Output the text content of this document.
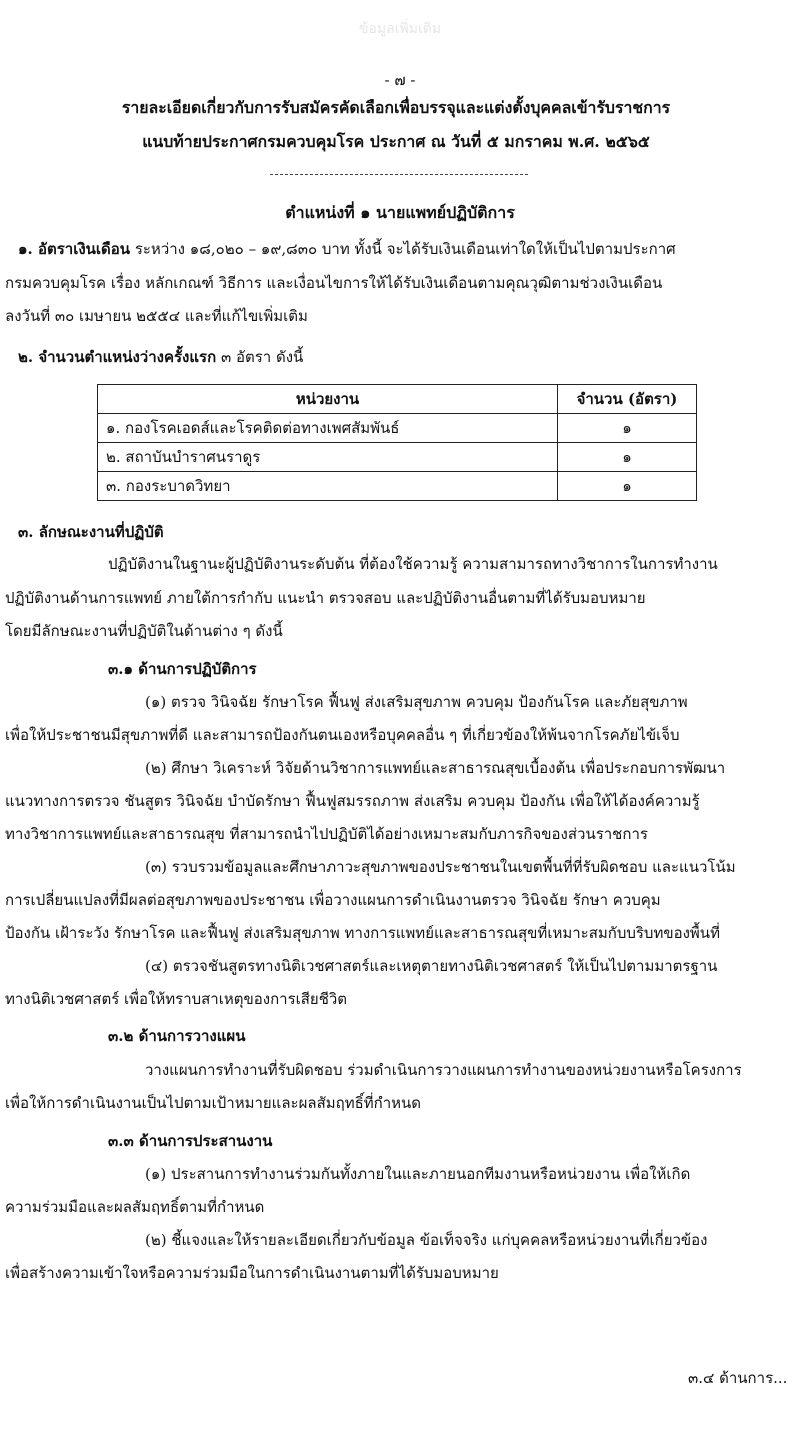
ข้อมูลเพิ่มเติม
- ๗ -
รายละเอียดเกี่ยวกับการรับสมัครคัดเลือกเพื่อบรรจุและแต่งตั้งบุคคลเข้ารับราชการ
แนบท้ายประกาศกรมควบคุมโรค ประกาศ ณ วันที่ ๕ มกราคม พ.ศ. ๒๕๖๕
ตำแหน่งที่ ๑ นายแพทย์ปฏิบัติการ
๑. อัตราเงินเดือน ระหว่าง ๑๘,๐๒๐ – ๑๙,๘๓๐ บาท ทั้งนี้ จะได้รับเงินเดือนเท่าใดให้เป็นไปตามประกาศ
กรมควบคุมโรค เรื่อง หลักเกณฑ์ วิธีการ และเงื่อนไขการให้ได้รับเงินเดือนตามคุณวุฒิตามช่วงเงินเดือน
ลงวันที่ ๓๐ เมษายน ๒๕๕๔ และที่แก้ไขเพิ่มเติม
๒. จำนวนตำแหน่งว่างครั้งแรก ๓ อัตรา ดังนี้
หน่วยงาน	จำนวน (อัตรา)
๑. กองโรคเอดส์และโรคติดต่อทางเพศสัมพันธ์	๑
๒. สถาบันบำราศนราดูร	๑
๓. กองระบาดวิทยา	๑
๓. ลักษณะงานที่ปฏิบัติ
ปฏิบัติงานในฐานะผู้ปฏิบัติงานระดับต้น ที่ต้องใช้ความรู้ ความสามารถทางวิชาการในการทำงาน
ปฏิบัติงานด้านการแพทย์ ภายใต้การกำกับ แนะนำ ตรวจสอบ และปฏิบัติงานอื่นตามที่ได้รับมอบหมาย
โดยมีลักษณะงานที่ปฏิบัติในด้านต่าง ๆ ดังนี้
๓.๑ ด้านการปฏิบัติการ
(๑) ตรวจ วินิจฉัย รักษาโรค ฟื้นฟู ส่งเสริมสุขภาพ ควบคุม ป้องกันโรค และภัยสุขภาพ
เพื่อให้ประชาชนมีสุขภาพที่ดี และสามารถป้องกันตนเองหรือบุคคลอื่น ๆ ที่เกี่ยวข้องให้พ้นจากโรคภัยไข้เจ็บ
(๒) ศึกษา วิเคราะห์ วิจัยด้านวิชาการแพทย์และสาธารณสุขเบื้องต้น เพื่อประกอบการพัฒนา
แนวทางการตรวจ ชันสูตร วินิจฉัย บำบัดรักษา ฟื้นฟูสมรรถภาพ ส่งเสริม ควบคุม ป้องกัน เพื่อให้ได้องค์ความรู้
ทางวิชาการแพทย์และสาธารณสุข ที่สามารถนำไปปฏิบัติได้อย่างเหมาะสมกับภารกิจของส่วนราชการ
(๓) รวบรวมข้อมูลและศึกษาภาวะสุขภาพของประชาชนในเขตพื้นที่ที่รับผิดชอบ และแนวโน้ม
การเปลี่ยนแปลงที่มีผลต่อสุขภาพของประชาชน เพื่อวางแผนการดำเนินงานตรวจ วินิจฉัย รักษา ควบคุม
ป้องกัน เฝ้าระวัง รักษาโรค และฟื้นฟู ส่งเสริมสุขภาพ ทางการแพทย์และสาธารณสุขที่เหมาะสมกับบริบทของพื้นที่
(๔) ตรวจชันสูตรทางนิติเวชศาสตร์และเหตุตายทางนิติเวชศาสตร์ ให้เป็นไปตามมาตรฐาน
ทางนิติเวชศาสตร์ เพื่อให้ทราบสาเหตุของการเสียชีวิต
๓.๒ ด้านการวางแผน
วางแผนการทำงานที่รับผิดชอบ ร่วมดำเนินการวางแผนการทำงานของหน่วยงานหรือโครงการ
เพื่อให้การดำเนินงานเป็นไปตามเป้าหมายและผลสัมฤทธิ์ที่กำหนด
๓.๓ ด้านการประสานงาน
(๑) ประสานการทำงานร่วมกันทั้งภายในและภายนอกทีมงานหรือหน่วยงาน เพื่อให้เกิด
ความร่วมมือและผลสัมฤทธิ์ตามที่กำหนด
(๒) ชี้แจงและให้รายละเอียดเกี่ยวกับข้อมูล ข้อเท็จจริง แก่บุคคลหรือหน่วยงานที่เกี่ยวข้อง
เพื่อสร้างความเข้าใจหรือความร่วมมือในการดำเนินงานตามที่ได้รับมอบหมาย
๓.๔ ด้านการ...
